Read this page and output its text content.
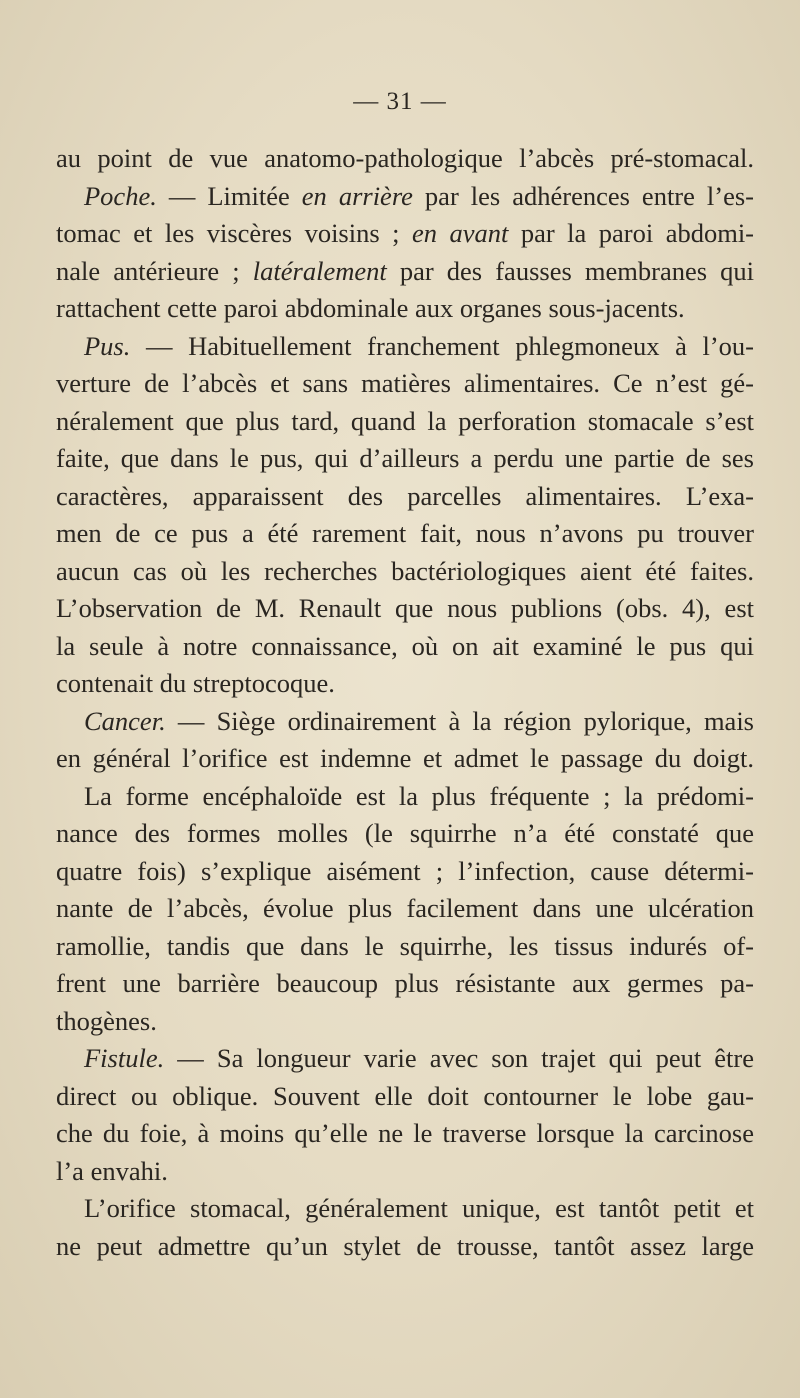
— 31 —
au point de vue anatomo-pathologique l’abcès pré-stomacal.
Poche. — Limitée en arrière par les adhérences entre l’es-
tomac et les viscères voisins ; en avant par la paroi abdomi-
nale antérieure ; latéralement par des fausses membranes qui
rattachent cette paroi abdominale aux organes sous-jacents.
Pus. — Habituellement franchement phlegmoneux à l’ou-
verture de l’abcès et sans matières alimentaires. Ce n’est gé-
néralement que plus tard, quand la perforation stomacale s’est
faite, que dans le pus, qui d’ailleurs a perdu une partie de ses
caractères, apparaissent des parcelles alimentaires. L’exa-
men de ce pus a été rarement fait, nous n’avons pu trouver
aucun cas où les recherches bactériologiques aient été faites.
L’observation de M. Renault que nous publions (obs. 4), est
la seule à notre connaissance, où on ait examiné le pus qui
contenait du streptocoque.
Cancer. — Siège ordinairement à la région pylorique, mais
en général l’orifice est indemne et admet le passage du doigt.
La forme encéphaloïde est la plus fréquente ; la prédomi-
nance des formes molles (le squirrhe n’a été constaté que
quatre fois) s’explique aisément ; l’infection, cause détermi-
nante de l’abcès, évolue plus facilement dans une ulcération
ramollie, tandis que dans le squirrhe, les tissus indurés of-
frent une barrière beaucoup plus résistante aux germes pa-
thogènes.
Fistule. — Sa longueur varie avec son trajet qui peut être
direct ou oblique. Souvent elle doit contourner le lobe gau-
che du foie, à moins qu’elle ne le traverse lorsque la carcinose
l’a envahi.
L’orifice stomacal, généralement unique, est tantôt petit et
ne peut admettre qu’un stylet de trousse, tantôt assez large
